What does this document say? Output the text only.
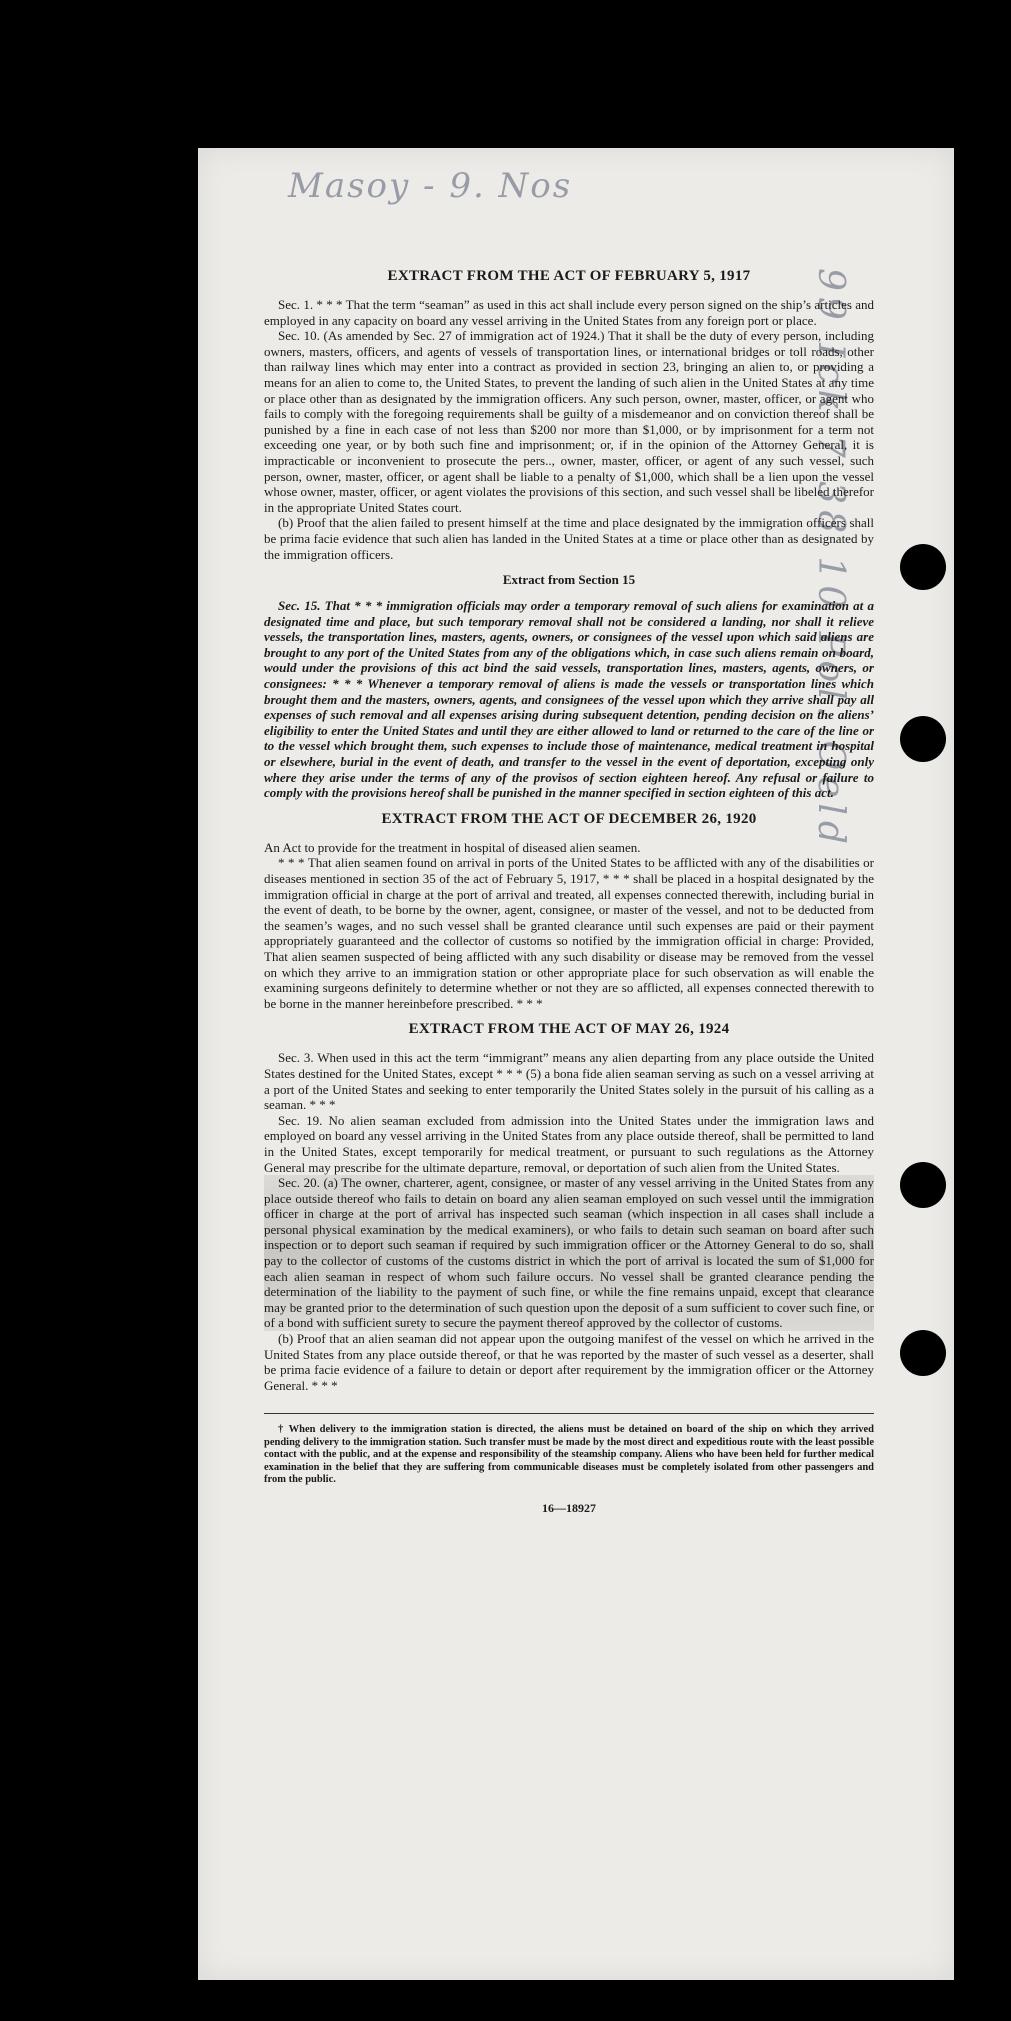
Masoy - 9. Nos
99 Ick 7 38 10 Pol. Oeld
EXTRACT FROM THE ACT OF FEBRUARY 5, 1917

Sec. 1. * * * That the term “seaman” as used in this act shall include every person signed on the ship’s articles and employed in any capacity on board any vessel arriving in the United States from any foreign port or place.

Sec. 10. (As amended by Sec. 27 of immigration act of 1924.) That it shall be the duty of every person, including owners, masters, officers, and agents of vessels of transportation lines, or international bridges or toll roads, other than railway lines which may enter into a contract as provided in section 23, bringing an alien to, or providing a means for an alien to come to, the United States, to prevent the landing of such alien in the United States at any time or place other than as designated by the immigration officers. Any such person, owner, master, officer, or agent who fails to comply with the foregoing requirements shall be guilty of a misdemeanor and on conviction thereof shall be punished by a fine in each case of not less than $200 nor more than $1,000, or by imprisonment for a term not exceeding one year, or by both such fine and imprisonment; or, if in the opinion of the Attorney General, it is impracticable or inconvenient to prosecute the pers.., owner, master, officer, or agent of any such vessel, such person, owner, master, officer, or agent shall be liable to a penalty of $1,000, which shall be a lien upon the vessel whose owner, master, officer, or agent violates the provisions of this section, and such vessel shall be libeled therefor in the appropriate United States court.

(b) Proof that the alien failed to present himself at the time and place designated by the immigration officers shall be prima facie evidence that such alien has landed in the United States at a time or place other than as designated by the immigration officers.

Extract from Section 15

Sec. 15. That * * * immigration officials may order a temporary removal of such aliens for examination at a designated time and place, but such temporary removal shall not be considered a landing, nor shall it relieve vessels, the transportation lines, masters, agents, owners, or consignees of the vessel upon which said aliens are brought to any port of the United States from any of the obligations which, in case such aliens remain on board, would under the provisions of this act bind the said vessels, transportation lines, masters, agents, owners, or consignees: * * * Whenever a temporary removal of aliens is made the vessels or transportation lines which brought them and the masters, owners, agents, and consignees of the vessel upon which they arrive shall pay all expenses of such removal and all expenses arising during subsequent detention, pending decision on the aliens’ eligibility to enter the United States and until they are either allowed to land or returned to the care of the line or to the vessel which brought them, such expenses to include those of maintenance, medical treatment in hospital or elsewhere, burial in the event of death, and transfer to the vessel in the event of deportation, excepting only where they arise under the terms of any of the provisos of section eighteen hereof. Any refusal or failure to comply with the provisions hereof shall be punished in the manner specified in section eighteen of this act.

EXTRACT FROM THE ACT OF DECEMBER 26, 1920

An Act to provide for the treatment in hospital of diseased alien seamen.

* * * That alien seamen found on arrival in ports of the United States to be afflicted with any of the disabilities or diseases mentioned in section 35 of the act of February 5, 1917, * * * shall be placed in a hospital designated by the immigration official in charge at the port of arrival and treated, all expenses connected therewith, including burial in the event of death, to be borne by the owner, agent, consignee, or master of the vessel, and not to be deducted from the seamen’s wages, and no such vessel shall be granted clearance until such expenses are paid or their payment appropriately guaranteed and the collector of customs so notified by the immigration official in charge: Provided, That alien seamen suspected of being afflicted with any such disability or disease may be removed from the vessel on which they arrive to an immigration station or other appropriate place for such observation as will enable the examining surgeons definitely to determine whether or not they are so afflicted, all expenses connected therewith to be borne in the manner hereinbefore prescribed. * * *

EXTRACT FROM THE ACT OF MAY 26, 1924

Sec. 3. When used in this act the term “immigrant” means any alien departing from any place outside the United States destined for the United States, except * * * (5) a bona fide alien seaman serving as such on a vessel arriving at a port of the United States and seeking to enter temporarily the United States solely in the pursuit of his calling as a seaman. * * *

Sec. 19. No alien seaman excluded from admission into the United States under the immigration laws and employed on board any vessel arriving in the United States from any place outside thereof, shall be permitted to land in the United States, except temporarily for medical treatment, or pursuant to such regulations as the Attorney General may prescribe for the ultimate departure, removal, or deportation of such alien from the United States.

Sec. 20. (a) The owner, charterer, agent, consignee, or master of any vessel arriving in the United States from any place outside thereof who fails to detain on board any alien seaman employed on such vessel until the immigration officer in charge at the port of arrival has inspected such seaman (which inspection in all cases shall include a personal physical examination by the medical examiners), or who fails to detain such seaman on board after such inspection or to deport such seaman if required by such immigration officer or the Attorney General to do so, shall pay to the collector of customs of the customs district in which the port of arrival is located the sum of $1,000 for each alien seaman in respect of whom such failure occurs. No vessel shall be granted clearance pending the determination of the liability to the payment of such fine, or while the fine remains unpaid, except that clearance may be granted prior to the determination of such question upon the deposit of a sum sufficient to cover such fine, or of a bond with sufficient surety to secure the payment thereof approved by the collector of customs.

(b) Proof that an alien seaman did not appear upon the outgoing manifest of the vessel on which he arrived in the United States from any place outside thereof, or that he was reported by the master of such vessel as a deserter, shall be prima facie evidence of a failure to detain or deport after requirement by the immigration officer or the Attorney General. * * *

† When delivery to the immigration station is directed, the aliens must be detained on board of the ship on which they arrived pending delivery to the immigration station. Such transfer must be made by the most direct and expeditious route with the least possible contact with the public, and at the expense and responsibility of the steamship company. Aliens who have been held for further medical examination in the belief that they are suffering from communicable diseases must be completely isolated from other passengers and from the public.

16—18927
